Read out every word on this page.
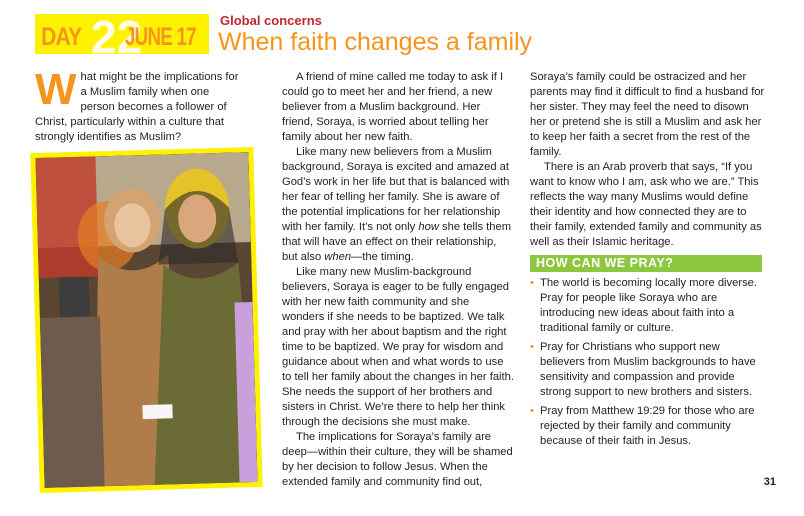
DAY 22
JUNE 17
Global concerns
When faith changes a family

W hat might be the implications for a Muslim family when one person becomes a follower of Christ, particularly within a culture that strongly identifies as Muslim?

A friend of mine called me today to ask if I could go to meet her and her friend, a new believer from a Muslim background. Her friend, Soraya, is worried about telling her family about her new faith.

Like many new believers from a Muslim background, Soraya is excited and amazed at God’s work in her life but that is balanced with her fear of telling her family. She is aware of the potential implications for her relationship with her family. It’s not only how she tells them that will have an effect on their relationship, but also when—the timing.

Like many new Muslim-background believers, Soraya is eager to be fully engaged with her new faith community and she wonders if she needs to be baptized. We talk and pray with her about baptism and the right time to be baptized. We pray for wisdom and guidance about when and what words to use to tell her family about the changes in her faith. She needs the support of her brothers and sisters in Christ. We’re there to help her think through the decisions she must make.

The implications for Soraya’s family are deep—within their culture, they will be shamed by her decision to follow Jesus. When the extended family and community find out,

Soraya’s family could be ostracized and her parents may find it difficult to find a husband for her sister. They may feel the need to disown her or pretend she is still a Muslim and ask her to keep her faith a secret from the rest of the family.

There is an Arab proverb that says, “If you want to know who I am, ask who we are.” This reflects the way many Muslims would define their identity and how connected they are to their family, extended family and community as well as their Islamic heritage.

HOW CAN WE PRAY?
• The world is becoming locally more diverse. Pray for people like Soraya who are introducing new ideas about faith into a traditional family or culture.
• Pray for Christians who support new believers from Muslim backgrounds to have sensitivity and compassion and provide strong support to new brothers and sisters.
• Pray from Matthew 19:29 for those who are rejected by their family and community because of their faith in Jesus.
31
